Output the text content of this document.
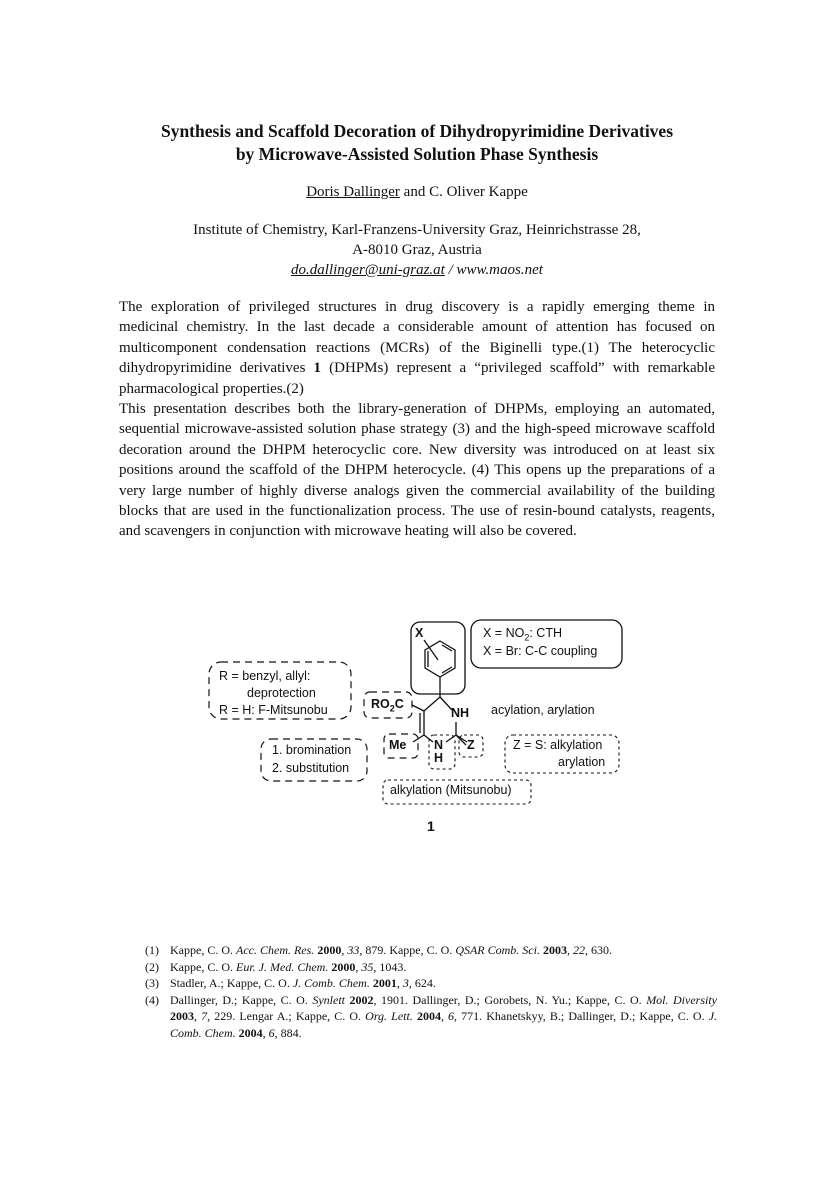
Synthesis and Scaffold Decoration of Dihydropyrimidine Derivatives
by Microwave-Assisted Solution Phase Synthesis
Doris Dallinger and C. Oliver Kappe
Institute of Chemistry, Karl-Franzens-University Graz, Heinrichstrasse 28,
A-8010 Graz, Austria
do.dallinger@uni-graz.at / www.maos.net

The exploration of privileged structures in drug discovery is a rapidly emerging theme in medicinal chemistry. In the last decade a considerable amount of attention has focused on multicomponent condensation reactions (MCRs) of the Biginelli type.(1) The heterocyclic dihydropyrimidine derivatives 1 (DHPMs) represent a “privileged scaffold” with remarkable pharmacological properties.(2)

This presentation describes both the library-generation of DHPMs, employing an automated, sequential microwave-assisted solution phase strategy (3) and the high-speed microwave scaffold decoration around the DHPM heterocyclic core. New diversity was introduced on at least six positions around the scaffold of the DHPM heterocycle. (4) This opens up the preparations of a very large number of highly diverse analogs given the commercial availability of the building blocks that are used in the functionalization process. The use of resin-bound catalysts, reagents, and scavengers in conjunction with microwave heating will also be covered.

X	$X = NO_2$: CTH
X = Br: C-C coupling
R = benzyl, allyl:
deprotection
R = H: F-Mitsunobu	$RO_2C$
NH acylation, arylation
Me N
H
Z
1. bromination
2. substitution
Z = S: alkylation
arylation
alkylation (Mitsunobu)
1
(1) Kappe, C. O. Acc. Chem. Res. 2000, 33, 879. Kappe, C. O. QSAR Comb. Sci. 2003, 22, 630.
(2) Kappe, C. O. Eur. J. Med. Chem. 2000, 35, 1043.
(3) Stadler, A.; Kappe, C. O. J. Comb. Chem. 2001, 3, 624.
(4) Dallinger, D.; Kappe, C. O. Synlett 2002, 1901. Dallinger, D.; Gorobets, N. Yu.; Kappe, C. O. Mol. Diversity 2003, 7, 229. Lengar A.; Kappe, C. O. Org. Lett. 2004, 6, 771. Khanetskyy, B.; Dallinger, D.; Kappe, C. O. J. Comb. Chem. 2004, 6, 884.
